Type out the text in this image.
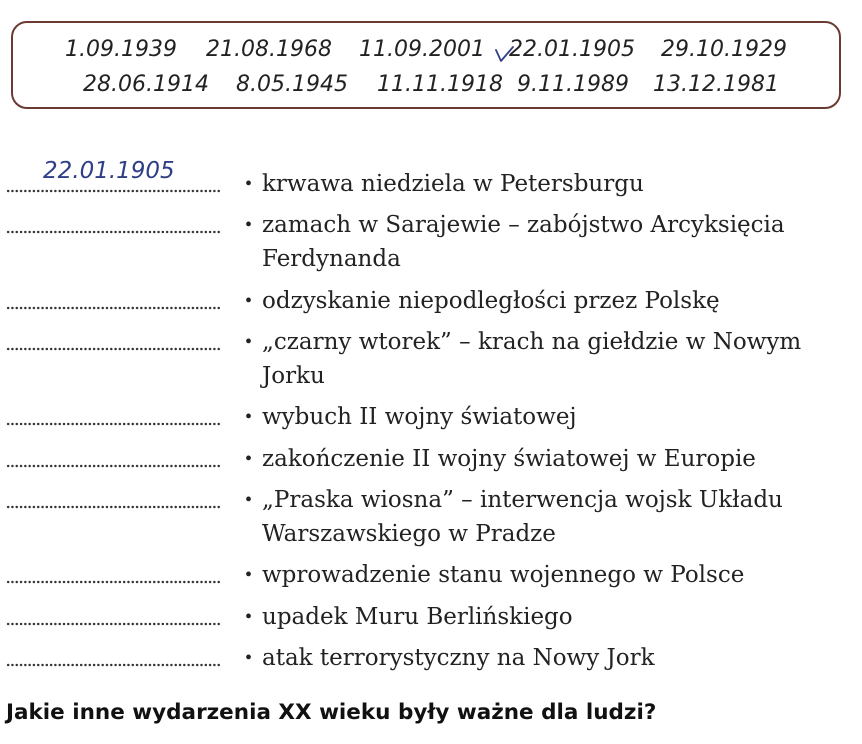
1.09.1939 21.08.1968 11.09.2001 22.01.1905 29.10.1929
28.06.1914 8.05.1945 11.11.1918 9.11.1989 13.12.1981
22.01.1905	• krwawa niedziela w Petersburgu
• zamach w Sarajewie – zabójstwo Arcyksięcia
Ferdynanda
• odzyskanie niepodległości przez Polskę
• „czarny wtorek” – krach na giełdzie w Nowym
Jorku
• wybuch II wojny światowej
• zakończenie II wojny światowej w Europie
• „Praska wiosna” – interwencja wojsk Układu
Warszawskiego w Pradze
• wprowadzenie stanu wojennego w Polsce
• upadek Muru Berlińskiego
• atak terrorystyczny na Nowy Jork
Jakie inne wydarzenia XX wieku były ważne dla ludzi?
